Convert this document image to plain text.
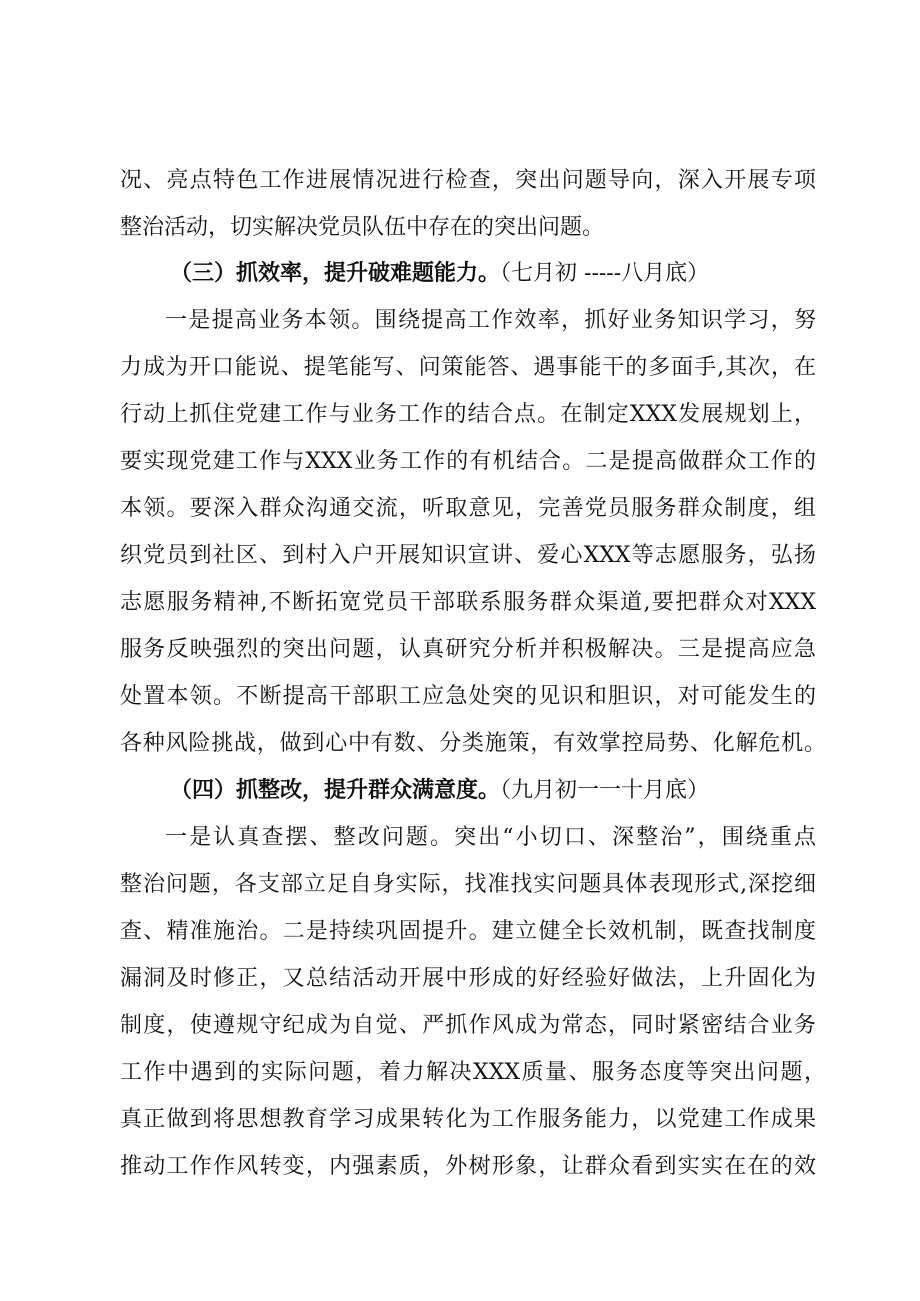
况、亮点特色工作进展情况进行检查，突出问题导向，深入开展专项
整治活动，切实解决党员队伍中存在的突出问题。
（三）抓效率，提升破难题能力。（七月初 -----八月底）
一是提高业务本领。围绕提高工作效率，抓好业务知识学习，努
力成为开口能说、提笔能写、问策能答、遇事能干的多面手,其次，在
行动上抓住党建工作与业务工作的结合点。在制定XXX发展规划上，
要实现党建工作与XXX业务工作的有机结合。二是提高做群众工作的
本领。要深入群众沟通交流，听取意见，完善党员服务群众制度，组
织党员到社区、到村入户开展知识宣讲、爱心XXX等志愿服务，弘扬
志愿服务精神,不断拓宽党员干部联系服务群众渠道,要把群众对XXX
服务反映强烈的突出问题，认真研究分析并积极解决。三是提高应急
处置本领。不断提高干部职工应急处突的见识和胆识，对可能发生的
各种风险挑战，做到心中有数、分类施策，有效掌控局势、化解危机。
（四）抓整改，提升群众满意度。（九月初一一十月底）
一是认真查摆、整改问题。突出“小切口、深整治”，围绕重点
整治问题，各支部立足自身实际，找准找实问题具体表现形式,深挖细
查、精准施治。二是持续巩固提升。建立健全长效机制，既查找制度
漏洞及时修正，又总结活动开展中形成的好经验好做法，上升固化为
制度，使遵规守纪成为自觉、严抓作风成为常态，同时紧密结合业务
工作中遇到的实际问题，着力解决XXX质量、服务态度等突出问题，
真正做到将思想教育学习成果转化为工作服务能力，以党建工作成果
推动工作作风转变，内强素质，外树形象，让群众看到实实在在的效
